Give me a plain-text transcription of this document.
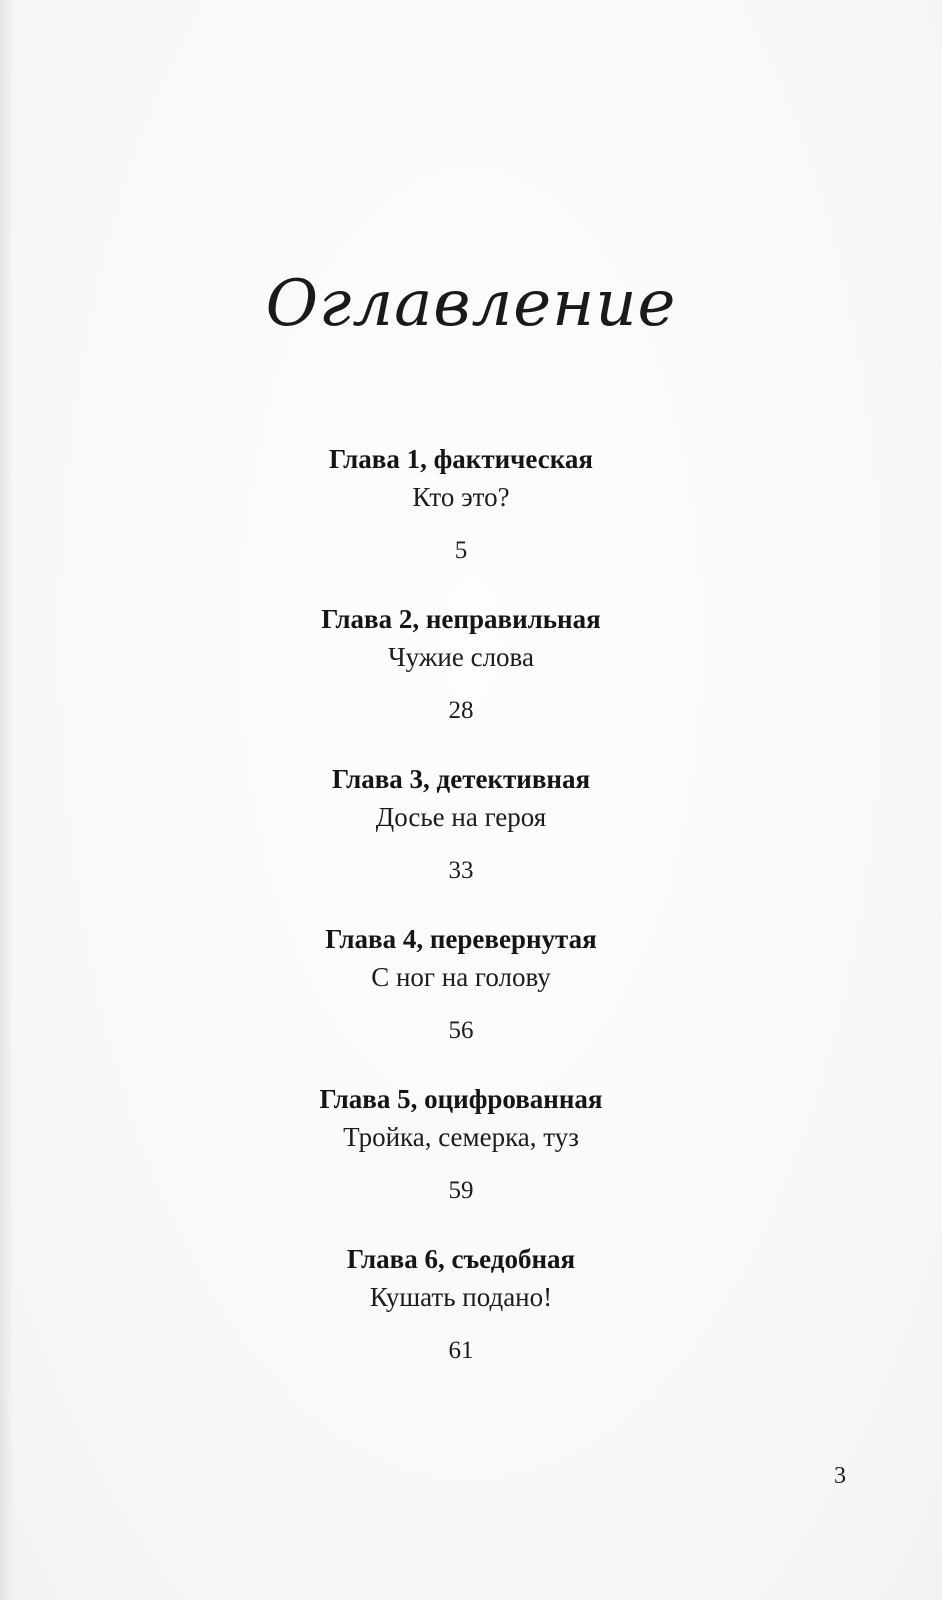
Оглавление
Глава 1, фактическая
Кто это?
5
Глава 2, неправильная
Чужие слова
28
Глава 3, детективная
Досье на героя
33
Глава 4, перевернутая
С ног на голову
56
Глава 5, оцифрованная
Тройка, семерка, туз
59
Глава 6, съедобная
Кушать подано!
61
3
